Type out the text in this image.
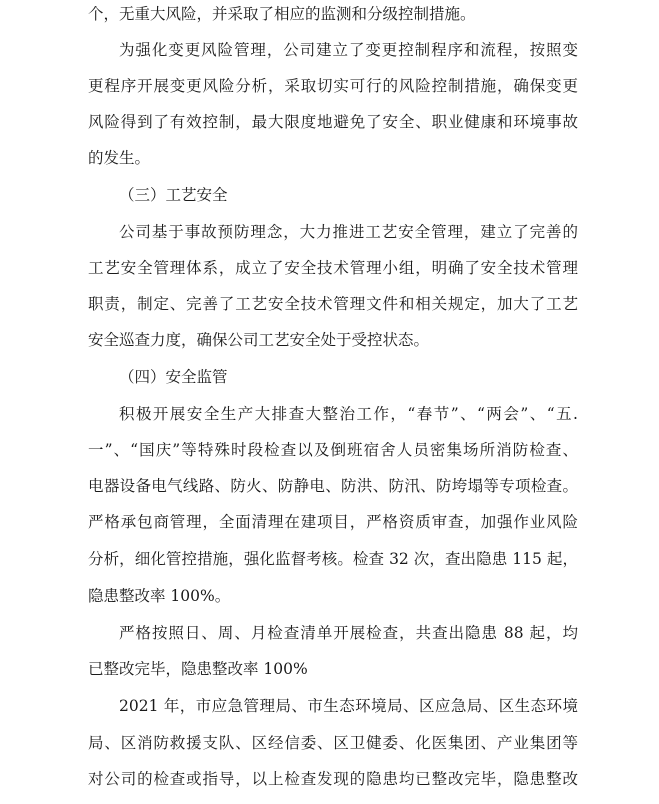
个，无重大风险，并采取了相应的监测和分级控制措施。
为强化变更风险管理，公司建立了变更控制程序和流程，按照变
更程序开展变更风险分析，采取切实可行的风险控制措施，确保变更
风险得到了有效控制，最大限度地避免了安全、职业健康和环境事故
的发生。
（三）工艺安全
公司基于事故预防理念，大力推进工艺安全管理，建立了完善的
工艺安全管理体系，成立了安全技术管理小组，明确了安全技术管理
职责，制定、完善了工艺安全技术管理文件和相关规定，加大了工艺
安全巡查力度，确保公司工艺安全处于受控状态。
（四）安全监管
积极开展安全生产大排查大整治工作，“春节”、“两会”、“五.
一”、“国庆”等特殊时段检查以及倒班宿舍人员密集场所消防检查、
电器设备电气线路、防火、防静电、防洪、防汛、防垮塌等专项检查。
严格承包商管理，全面清理在建项目，严格资质审查，加强作业风险
分析，细化管控措施，强化监督考核。检查 32 次，查出隐患 115 起，
隐患整改率 100%。
严格按照日、周、月检查清单开展检查，共查出隐患 88 起，均
已整改完毕，隐患整改率 100%
2021 年，市应急管理局、市生态环境局、区应急局、区生态环境
局、区消防救援支队、区经信委、区卫健委、化医集团、产业集团等
对公司的检查或指导，以上检查发现的隐患均已整改完毕，隐患整改
